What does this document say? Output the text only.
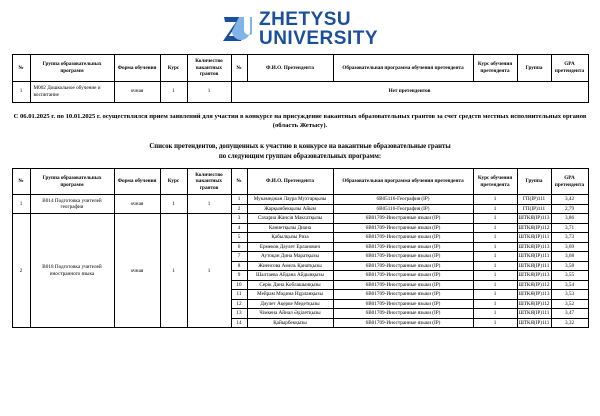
ZHETYSU
UNIVERSITY
№	Группа образовательных программ	Форма обучения	Курс	Количество вакантных грантов	№	Ф.И.О. Претендента	Образовательная программа обучения претендента	Курс обучения претендента	Группа	GPA претендента
1	M002 Дошкольное обучение и воспитание	очная	1	1	Нет претендентов					
С 06.01.2025 г. по 10.01.2025 г. осуществлялся прием заявлений для участия в конкурсе на присуждение вакантных образовательных грантов за счет средств местных исполнительных органов (область Жетысу).
Список претендентов, допущенных к участию в конкурсе на вакантные образовательные гранты
по следующим группам образовательных программ:
№	Группа образовательных программ	Форма обучения	Курс	Количество вакантных грантов	№	Ф.И.О. Претендента	Образовательная программа обучения претендента	Курс обучения претендента	Группа	GPA претендента
1	B014 Подготовка учителей географии	очная	1	1	1	Мукамеджан Лаура Мухтарқызы	6B05116-География (IP)	1	ГП(IP)111	3,42
					2	Жарқынбекқызы Айым	6B05116-География (IP)	1	ГП(IP)111	2,79
2	B018 Подготовка учителей иностранного языка	очная	1	1	3	Сахариа Жансія Максатқызы	6B01709-Иностранные языки (IP)	1	ШТКЯ(IP)113	3,86
					4	Каниетқызы Диана	6B01709-Иностранные языки (IP)	1	ШТКЯ(IP)112	3,71
					5	Қабылқызы Ризa	6B01709-Иностранные языки (IP)	1	ШТКЯ(IP)111	3,73
					6	Ермеков Дәулет Ерланович	6B01709-Иностранные языки (IP)	1	ШТКЯ(IP)113	3,69
					7	Аутоқан Дина Маратқызы	6B01709-Иностранные языки (IP)	1	ШТКЯ(IP)111	3,68
					8	Жиенсова Амель Қанатқызы	6B01709-Иностранные языки (IP)	1	ШТКЯ(IP)111	3,58
					9	Шалтаева Айдана Айдынқызы	6B01709-Иностранные языки (IP)	1	ШТКЯ(IP)113	3,55
					10	Серік Дина Коблашынқызы	6B01709-Иностранные языки (IP)	1	ШТКЯ(IP)112	3,54
					11	Мейрам Мәдина Нұрланқызы	6B01709-Иностранные языки (IP)	1	ШТКЯ(IP)113	3,53
					12	Дәулет Ақерке Медетқызы	6B01709-Иностранные языки (IP)	1	ШТКЯ(IP)112	3,52
					13	Чімкена Айнал Әділетқызы	6B01709-Иностранные языки (IP)	1	ШТКЯ(IP)111	3,47
					14	Қайырбекқызы	6B01709-Иностранные языки (IP)	1	ШТКЯ(IP)111	3,32
